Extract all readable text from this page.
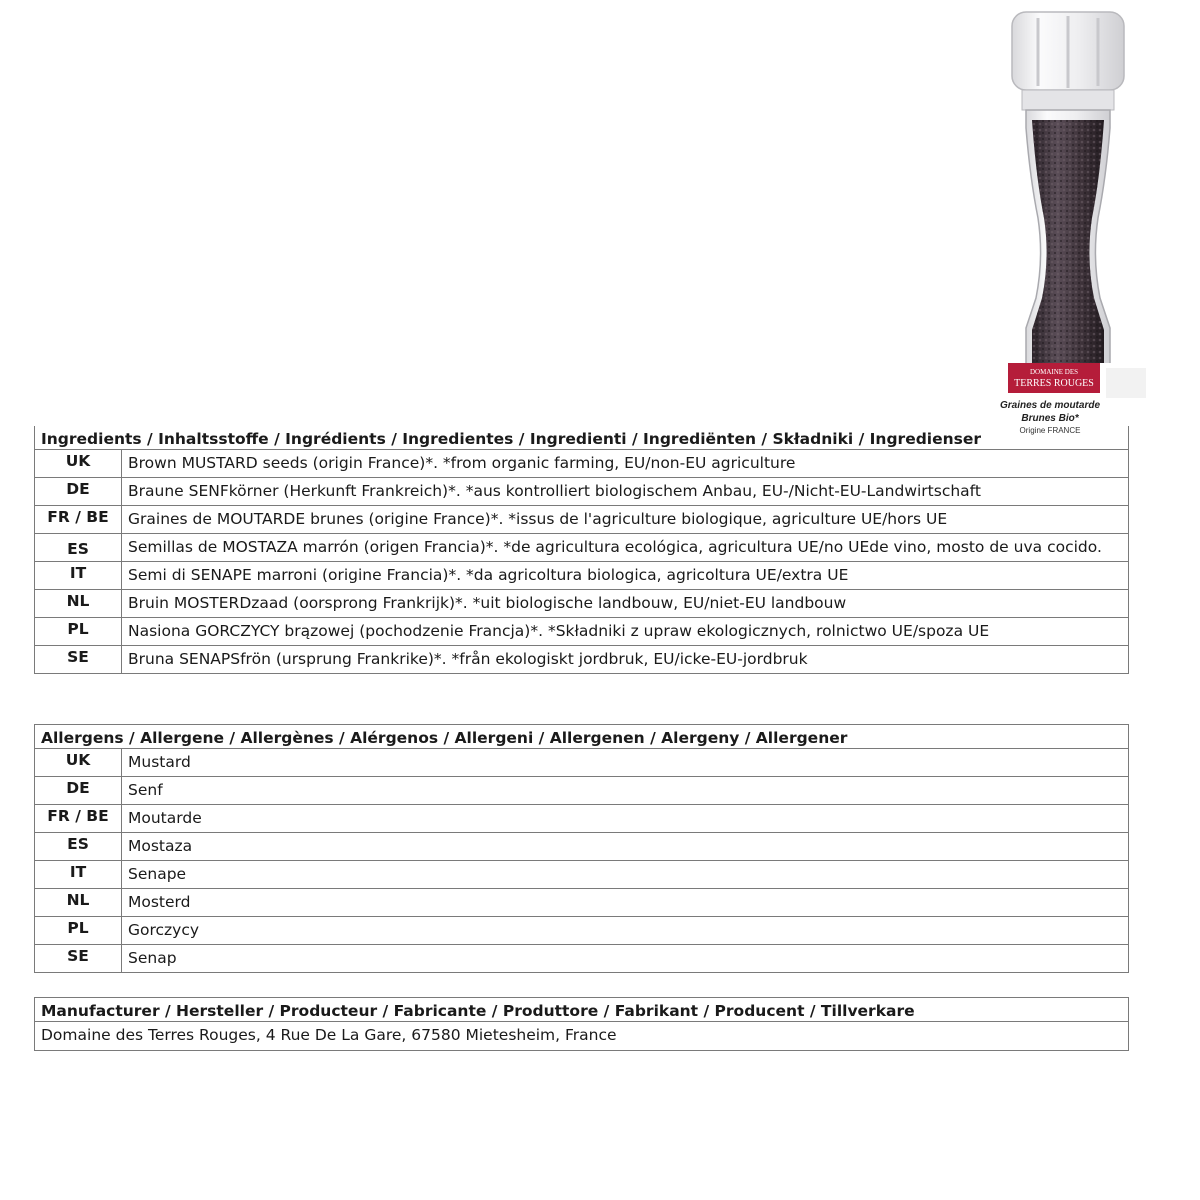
DOMAINE DES
TERRES ROUGES
Graines de moutarde
Brunes Bio*
Origine FRANCE
Ingredients / Inhaltsstoffe / Ingrédients / Ingredientes / Ingredienti / Ingrediënten / Składniki / Ingredienser	
UK	Brown MUSTARD seeds (origin France)*. *from organic farming, EU/non-EU agriculture
DE	Braune SENFkörner (Herkunft Frankreich)*. *aus kontrolliert biologischem Anbau, EU-/Nicht-EU-Landwirtschaft
FR / BE	Graines de MOUTARDE brunes (origine France)*. *issus de l'agriculture biologique, agriculture UE/hors UE
ES	Semillas de MOSTAZA marrón (origen Francia)*. *de agricultura ecológica, agricultura UE/no UEde vino, mosto de uva cocido.
IT	Semi di SENAPE marroni (origine Francia)*. *da agricoltura biologica, agricoltura UE/extra UE
NL	Bruin MOSTERDzaad (oorsprong Frankrijk)*. *uit biologische landbouw, EU/niet-EU landbouw
PL	Nasiona GORCZYCY brązowej (pochodzenie Francja)*. *Składniki z upraw ekologicznych, rolnictwo UE/spoza UE
SE	Bruna SENAPSfrön (ursprung Frankrike)*. *från ekologiskt jordbruk, EU/icke-EU-jordbruk
Allergens / Allergene / Allergènes / Alérgenos / Allergeni / Allergenen / Alergeny / Allergener	
UK	Mustard
DE	Senf
FR / BE	Moutarde
ES	Mostaza
IT	Senape
NL	Mosterd
PL	Gorczycy
SE	Senap
Manufacturer / Hersteller / Producteur / Fabricante / Produttore / Fabrikant / Producent / Tillverkare
Domaine des Terres Rouges, 4 Rue De La Gare, 67580 Mietesheim, France
